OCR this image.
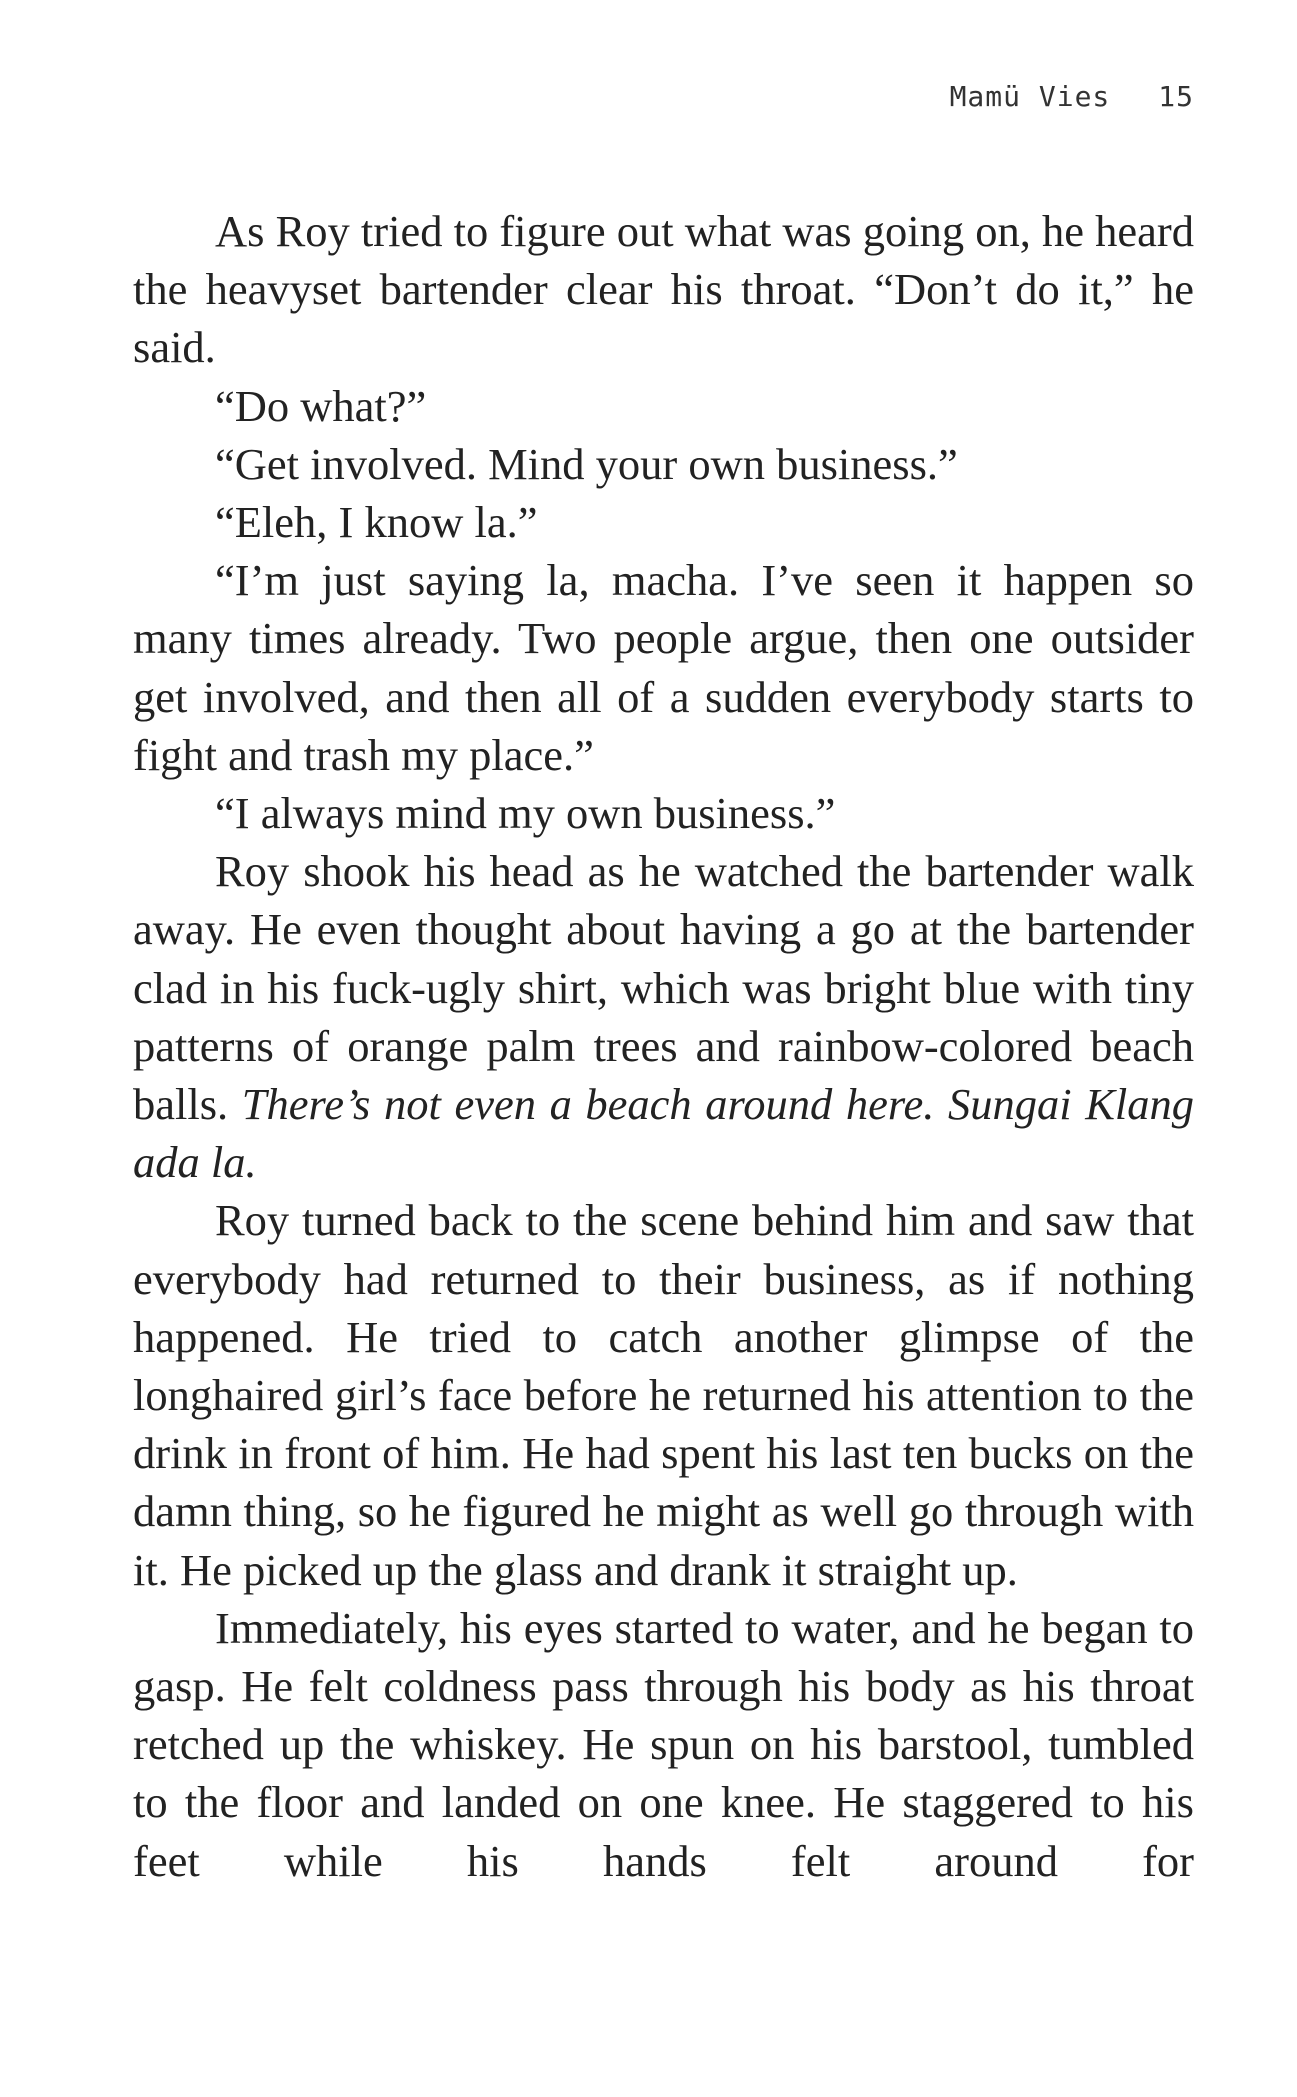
Mamü Vies 15

As Roy tried to figure out what was going on, he heard the heavyset bartender clear his throat. “Don’t do it,” he said.

“Do what?”

“Get involved. Mind your own business.”

“Eleh, I know la.”

“I’m just saying la, macha. I’ve seen it happen so many times already. Two people argue, then one outsider get involved, and then all of a sudden everybody starts to fight and trash my place.”

“I always mind my own business.”

Roy shook his head as he watched the bartender walk away. He even thought about having a go at the bartender clad in his fuck-ugly shirt, which was bright blue with tiny patterns of orange palm trees and rainbow-colored beach balls. There’s not even a beach around here. Sungai Klang ada la.

Roy turned back to the scene behind him and saw that everybody had returned to their business, as if nothing happened. He tried to catch another glimpse of the longhaired girl’s face before he returned his attention to the drink in front of him. He had spent his last ten bucks on the damn thing, so he figured he might as well go through with it. He picked up the glass and drank it straight up.

Immediately, his eyes started to water, and he began to gasp. He felt coldness pass through his body as his throat retched up the whiskey. He spun on his barstool, tumbled to the floor and landed on one knee. He staggered to his feet while his hands felt around for
